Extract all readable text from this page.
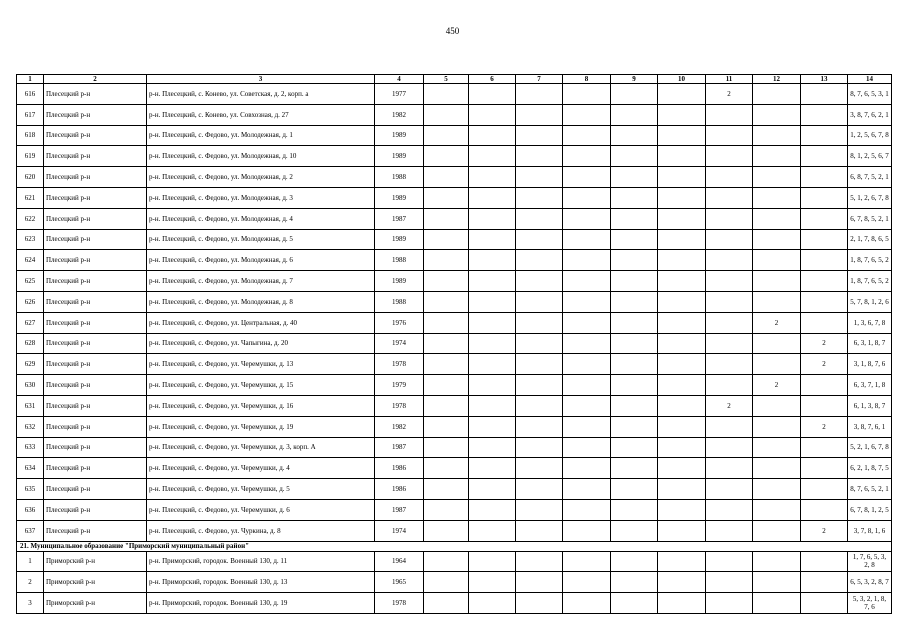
450
1	2	3	4	5	6	7	8	9	10	11	12	13	14
616	Плесецкий р-н	р-н. Плесецкий, с. Конево, ул. Советская, д. 2, корп. а	1977							2			8, 7, 6, 5, 3, 1
617	Плесецкий р-н	р-н. Плесецкий, с. Конево, ул. Совхозная, д. 27	1982										3, 8, 7, 6, 2, 1
618	Плесецкий р-н	р-н. Плесецкий, с. Федово, ул. Молодежная, д. 1	1989										1, 2, 5, 6, 7, 8
619	Плесецкий р-н	р-н. Плесецкий, с. Федово, ул. Молодежная, д. 10	1989										8, 1, 2, 5, 6, 7
620	Плесецкий р-н	р-н. Плесецкий, с. Федово, ул. Молодежная, д. 2	1988										6, 8, 7, 5, 2, 1
621	Плесецкий р-н	р-н. Плесецкий, с. Федово, ул. Молодежная, д. 3	1989										5, 1, 2, 6, 7, 8
622	Плесецкий р-н	р-н. Плесецкий, с. Федово, ул. Молодежная, д. 4	1987										6, 7, 8, 5, 2, 1
623	Плесецкий р-н	р-н. Плесецкий, с. Федово, ул. Молодежная, д. 5	1989										2, 1, 7, 8, 6, 5
624	Плесецкий р-н	р-н. Плесецкий, с. Федово, ул. Молодежная, д. 6	1988										1, 8, 7, 6, 5, 2
625	Плесецкий р-н	р-н. Плесецкий, с. Федово, ул. Молодежная, д. 7	1989										1, 8, 7, 6, 5, 2
626	Плесецкий р-н	р-н. Плесецкий, с. Федово, ул. Молодежная, д. 8	1988										5, 7, 8, 1, 2, 6
627	Плесецкий р-н	р-н. Плесецкий, с. Федово, ул. Центральная, д. 40	1976								2		1, 3, 6, 7, 8
628	Плесецкий р-н	р-н. Плесецкий, с. Федово, ул. Чапыгина, д. 20	1974									2	6, 3, 1, 8, 7
629	Плесецкий р-н	р-н. Плесецкий, с. Федово, ул. Черемушки, д. 13	1978									2	3, 1, 8, 7, 6
630	Плесецкий р-н	р-н. Плесецкий, с. Федово, ул. Черемушки, д. 15	1979								2		6, 3, 7, 1, 8
631	Плесецкий р-н	р-н. Плесецкий, с. Федово, ул. Черемушки, д. 16	1978							2			6, 1, 3, 8, 7
632	Плесецкий р-н	р-н. Плесецкий, с. Федово, ул. Черемушки, д. 19	1982									2	3, 8, 7, 6, 1
633	Плесецкий р-н	р-н. Плесецкий, с. Федово, ул. Черемушки, д. 3, корп. А	1987										5, 2, 1, 6, 7, 8
634	Плесецкий р-н	р-н. Плесецкий, с. Федово, ул. Черемушки, д. 4	1986										6, 2, 1, 8, 7, 5
635	Плесецкий р-н	р-н. Плесецкий, с. Федово, ул. Черемушки, д. 5	1986										8, 7, 6, 5, 2, 1
636	Плесецкий р-н	р-н. Плесецкий, с. Федово, ул. Черемушки, д. 6	1987										6, 7, 8, 1, 2, 5
637	Плесецкий р-н	р-н. Плесецкий, с. Федово, ул. Чуркина, д. 8	1974									2	3, 7, 8, 1, 6
21. Муниципальное образование "Приморский муниципальный район"													
1	Приморский р-н	р-н. Приморский, городок. Военный 130, д. 11	1964										1, 7, 6, 5, 3, 2, 8
2	Приморский р-н	р-н. Приморский, городок. Военный 130, д. 13	1965										6, 5, 3, 2, 8, 7
3	Приморский р-н	р-н. Приморский, городок. Военный 130, д. 19	1978										5, 3, 2, 1, 8, 7, 6
